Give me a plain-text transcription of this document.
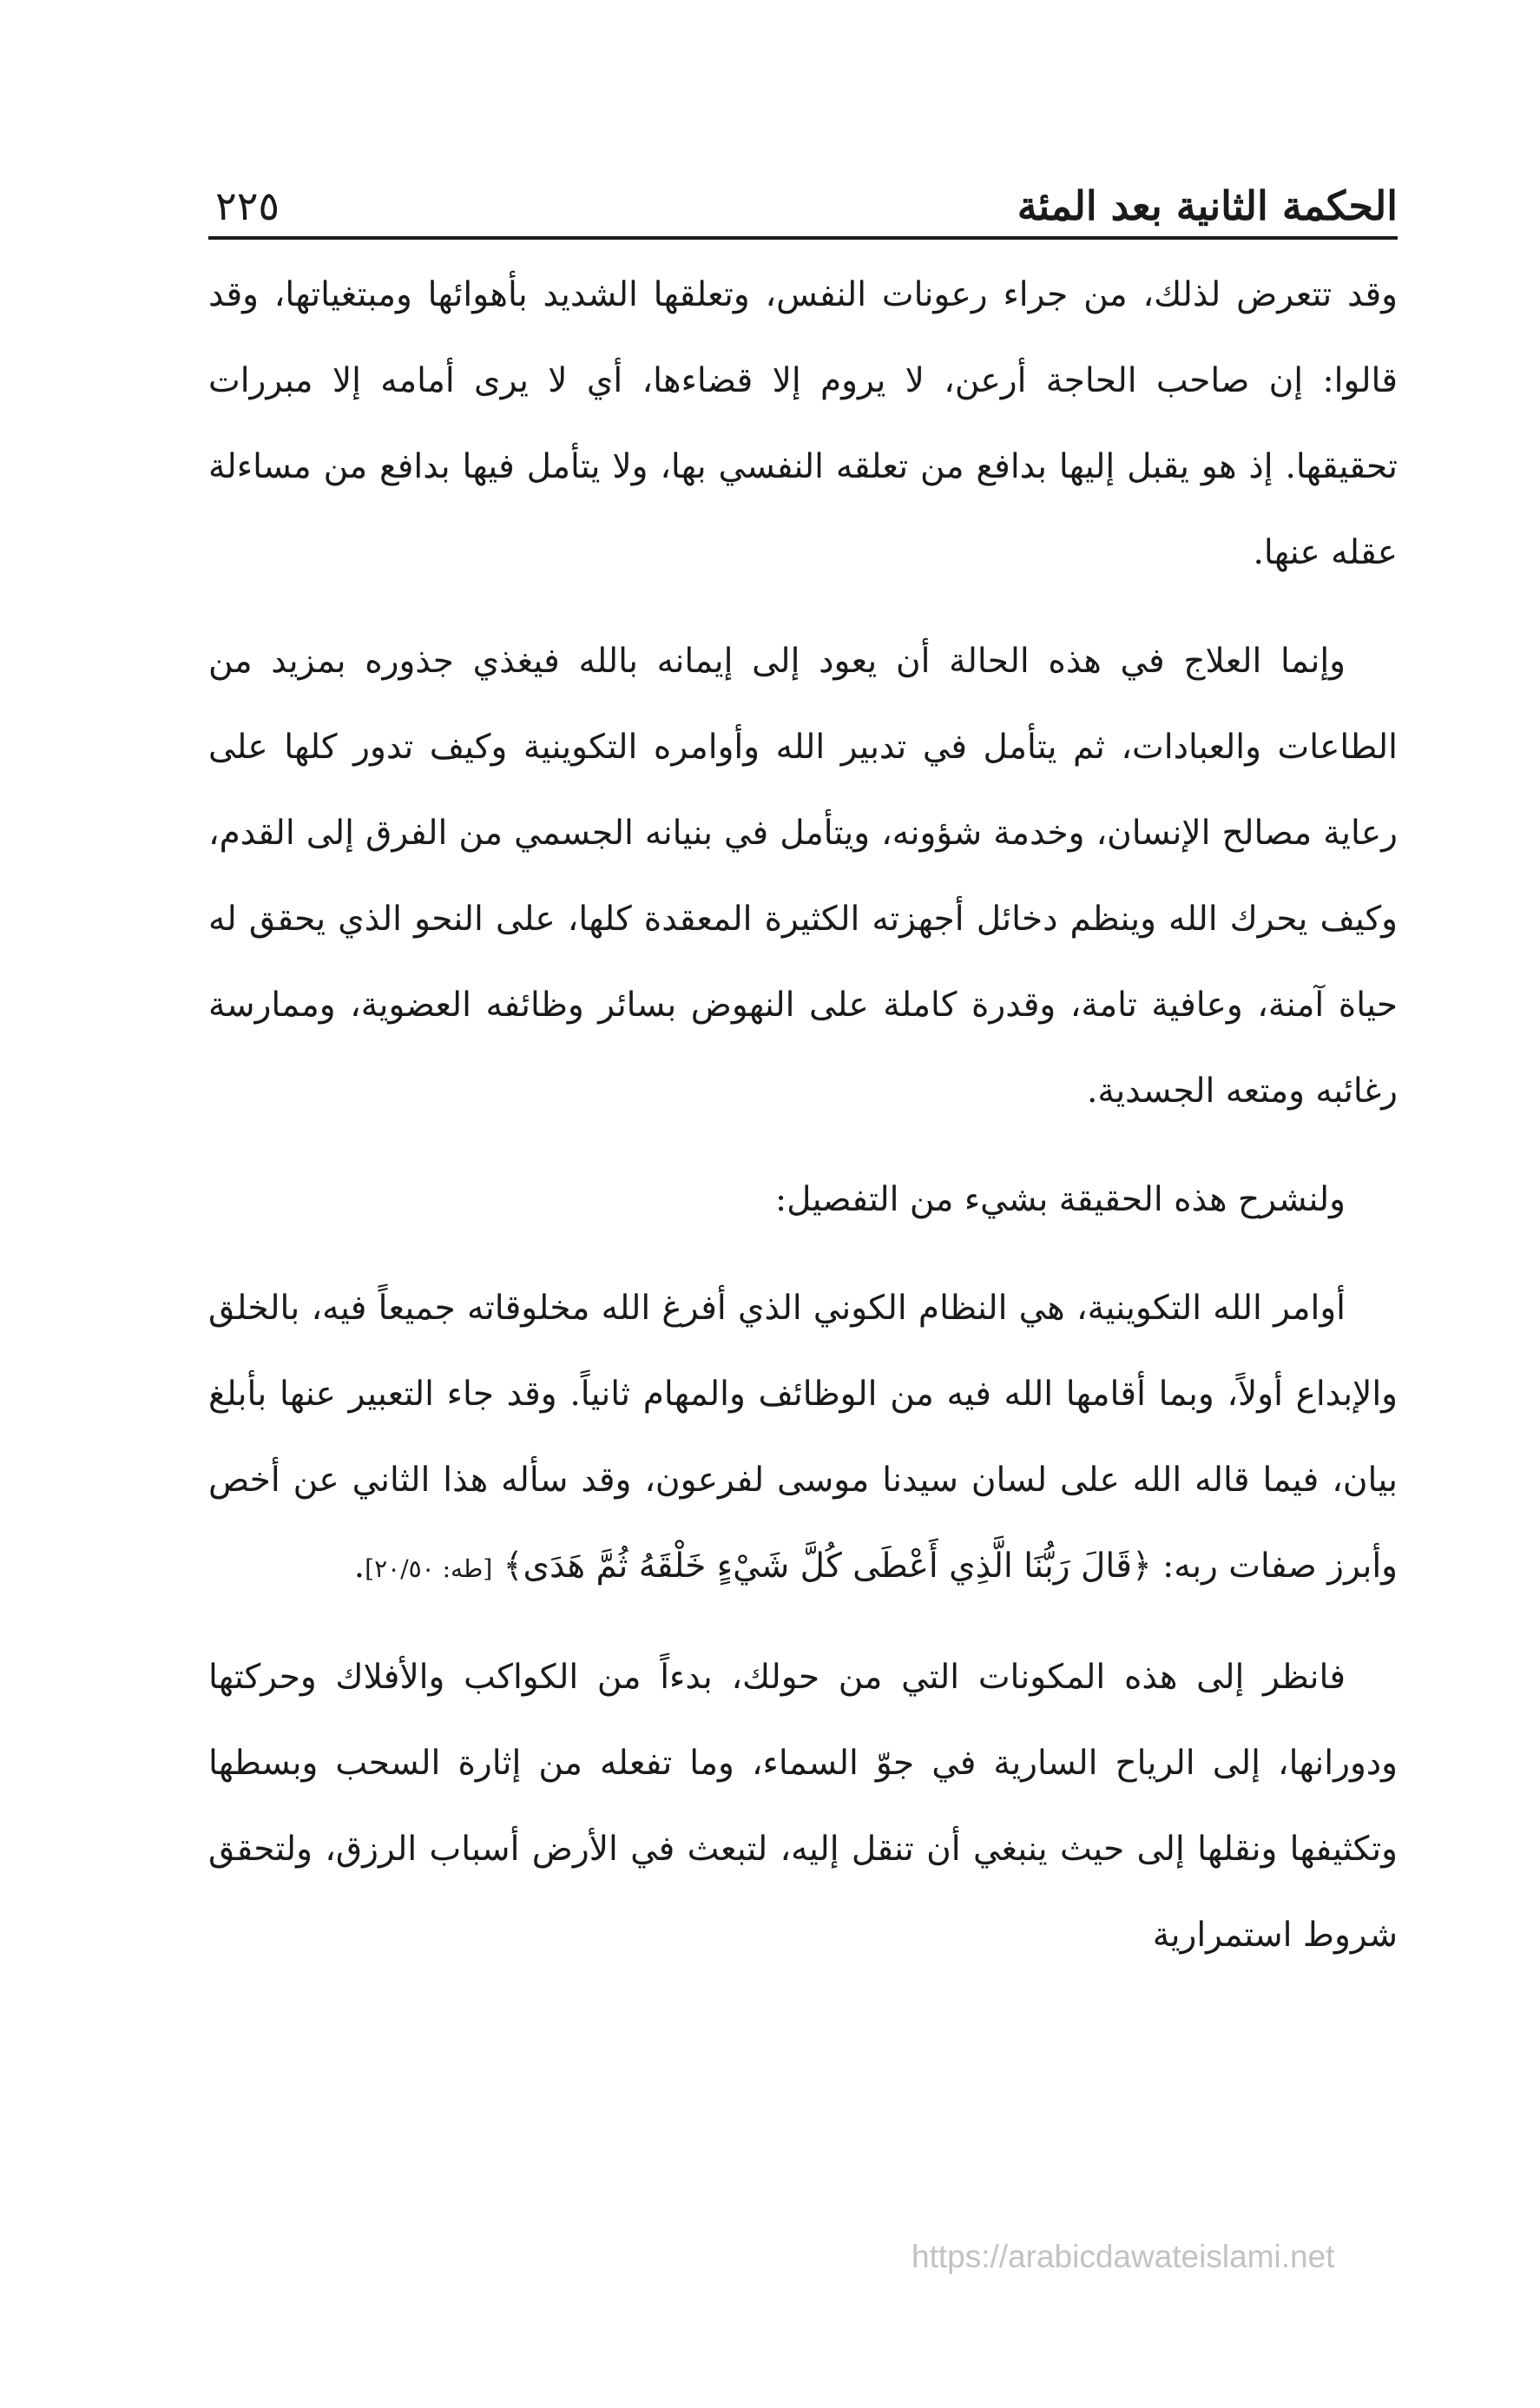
الحكمة الثانية بعد المئة
٢٢٥

وقد تتعرض لذلك، من جراء رعونات النفس، وتعلقها الشديد بأهوائها ومبتغياتها، وقد قالوا: إن صاحب الحاجة أرعن، لا يروم إلا قضاءها، أي لا يرى أمامه إلا مبررات تحقيقها. إذ هو يقبل إليها بدافع من تعلقه النفسي بها، ولا يتأمل فيها بدافع من مساءلة عقله عنها.

وإنما العلاج في هذه الحالة أن يعود إلى إيمانه بالله فيغذي جذوره بمزيد من الطاعات والعبادات، ثم يتأمل في تدبير الله وأوامره التكوينية وكيف تدور كلها على رعاية مصالح الإنسان، وخدمة شؤونه، ويتأمل في بنيانه الجسمي من الفرق إلى القدم، وكيف يحرك الله وينظم دخائل أجهزته الكثيرة المعقدة كلها، على النحو الذي يحقق له حياة آمنة، وعافية تامة، وقدرة كاملة على النهوض بسائر وظائفه العضوية، وممارسة رغائبه ومتعه الجسدية.

ولنشرح هذه الحقيقة بشيء من التفصيل:

أوامر الله التكوينية، هي النظام الكوني الذي أفرغ الله مخلوقاته جميعاً فيه، بالخلق والإبداع أولاً، وبما أقامها الله فيه من الوظائف والمهام ثانياً. وقد جاء التعبير عنها بأبلغ بيان، فيما قاله الله على لسان سيدنا موسى لفرعون، وقد سأله هذا الثاني عن أخص وأبرز صفات ربه: ﴿قَالَ رَبُّنَا الَّذِي أَعْطَى كُلَّ شَيْءٍ خَلْقَهُ ثُمَّ هَدَى﴾ [طه: ٢٠/٥٠].

فانظر إلى هذه المكونات التي من حولك، بدءاً من الكواكب والأفلاك وحركتها ودورانها، إلى الرياح السارية في جوّ السماء، وما تفعله من إثارة السحب وبسطها وتكثيفها ونقلها إلى حيث ينبغي أن تنقل إليه، لتبعث في الأرض أسباب الرزق، ولتحقق شروط استمرارية

https://arabicdawateislami.net
